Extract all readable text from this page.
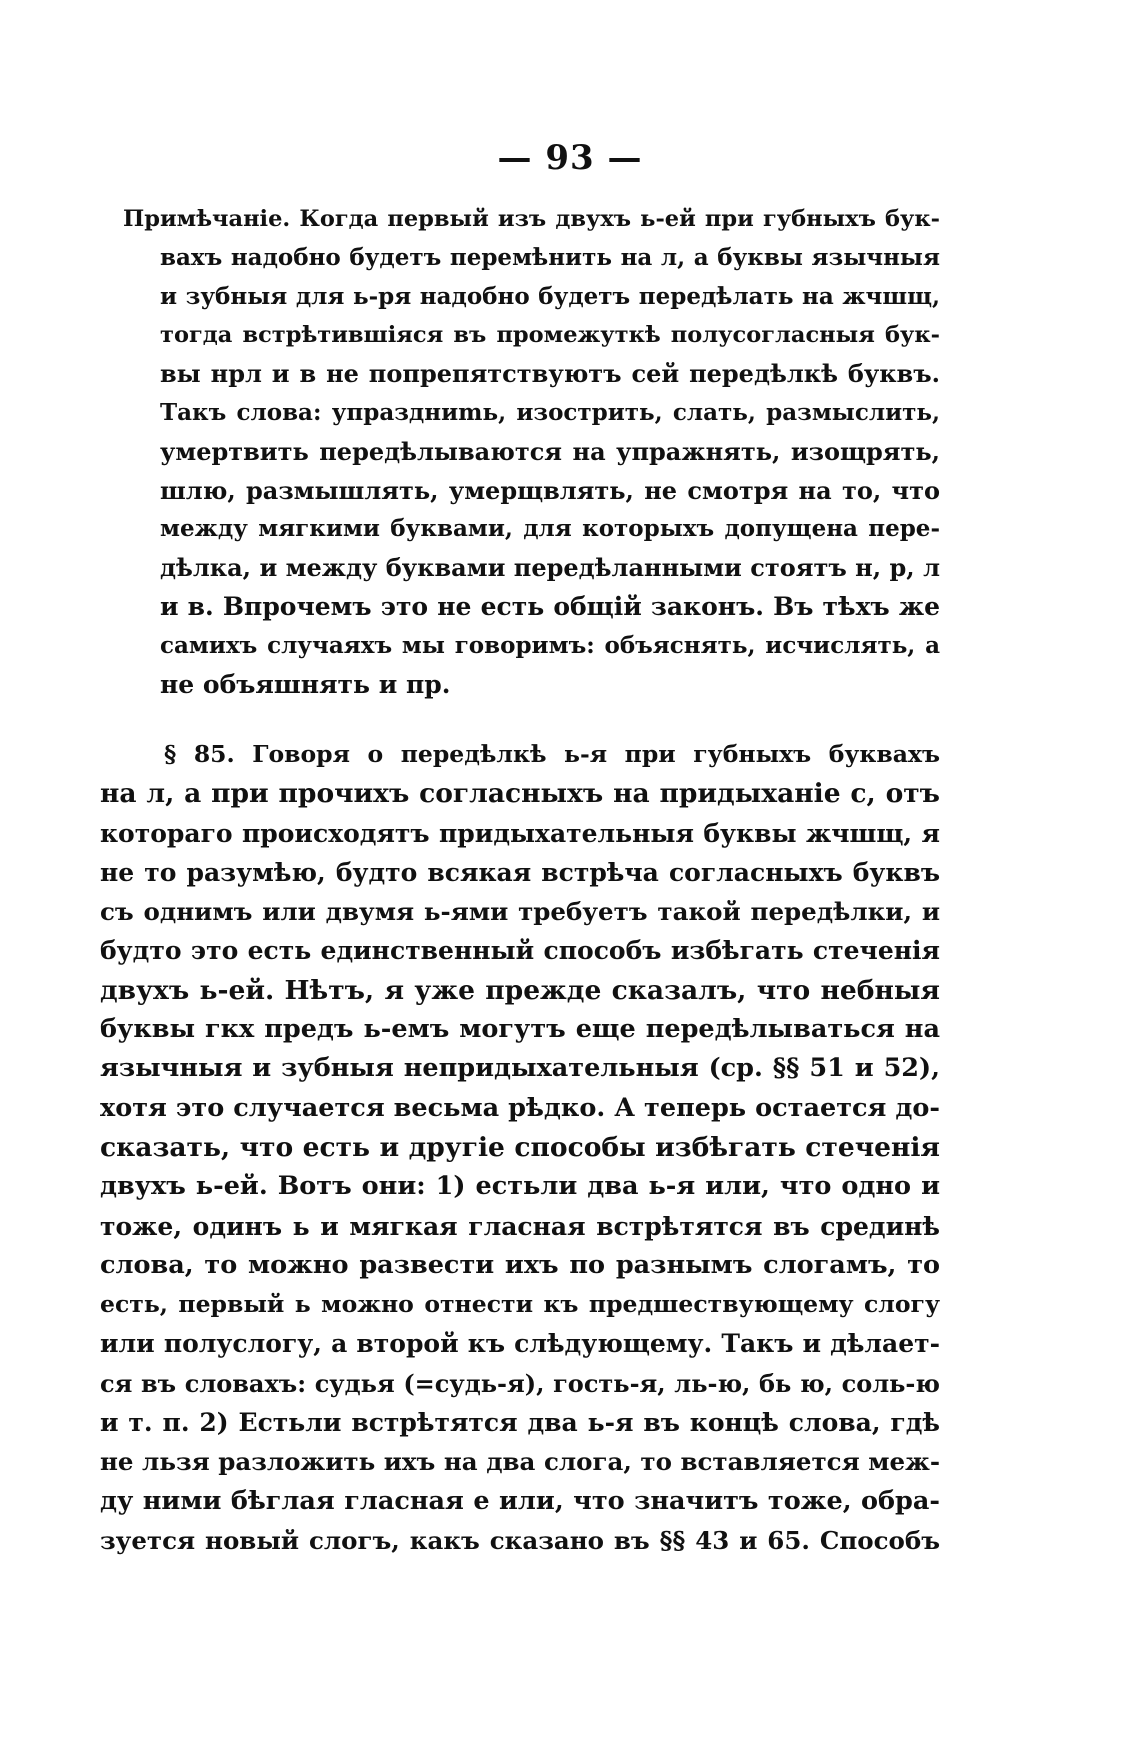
— 93 —
Примѣчаніе. Когда первый изъ двухъ ь-ей при губныхъ бук-
вахъ надобно будетъ перемѣнить на л, а буквы язычныя
и зубныя для ь-ря надобно будетъ передѣлать на жчшщ,
тогда встрѣтившіяся въ промежуткѣ полусогласныя бук-
вы нрл и в не попрепятствуютъ сей передѣлкѣ буквъ.
Такъ слова: упраздниmь, изострить, слать, размыслить,
умертвить передѣлываются на упражнять, изощрять,
шлю, размышлять, умерщвлять, не смотря на то, что
между мягкими буквами, для которыхъ допущена пере-
дѣлка, и между буквами передѣланными стоятъ н, р, л
и в. Впрочемъ это не есть общій законъ. Въ тѣхъ же
самихъ случаяхъ мы говоримъ: объяснять, исчислять, а
не объяшнять и пр.
§ 85. Говоря о передѣлкѣ ь-я при губныхъ буквахъ
на л, а при прочихъ согласныхъ на придыханіе с, отъ
котораго происходятъ придыхательныя буквы жчшщ, я
не то разумѣю, будто всякая встрѣча согласныхъ буквъ
съ однимъ или двумя ь-ями требуетъ такой передѣлки, и
будто это есть единственный способъ избѣгать стеченія
двухъ ь-ей. Нѣтъ, я уже прежде сказалъ, что небныя
буквы гкх предъ ь-емъ могутъ еще передѣлываться на
язычныя и зубныя непридыхательныя (ср. §§ 51 и 52),
хотя это случается весьма рѣдко. А теперь остается до-
сказать, что есть и другіе способы избѣгать стеченія
двухъ ь-ей. Вотъ они: 1) естьли два ь-я или, что одно и
тоже, одинъ ь и мягкая гласная встрѣтятся въ срединѣ
слова, то можно развести ихъ по разнымъ слогамъ, то
есть, первый ь можно отнести къ предшествующему слогу
или полуслогу, а второй къ слѣдующему. Такъ и дѣлает-
ся въ словахъ: судья (=судь-я), гость-я, ль-ю, бь ю, соль-ю
и т. п. 2) Естьли встрѣтятся два ь-я въ концѣ слова, гдѣ
не льзя разложить ихъ на два слога, то вставляется меж-
ду ними бѣглая гласная е или, что значитъ тоже, обра-
зуется новый слогъ, какъ сказано въ §§ 43 и 65. Способъ
